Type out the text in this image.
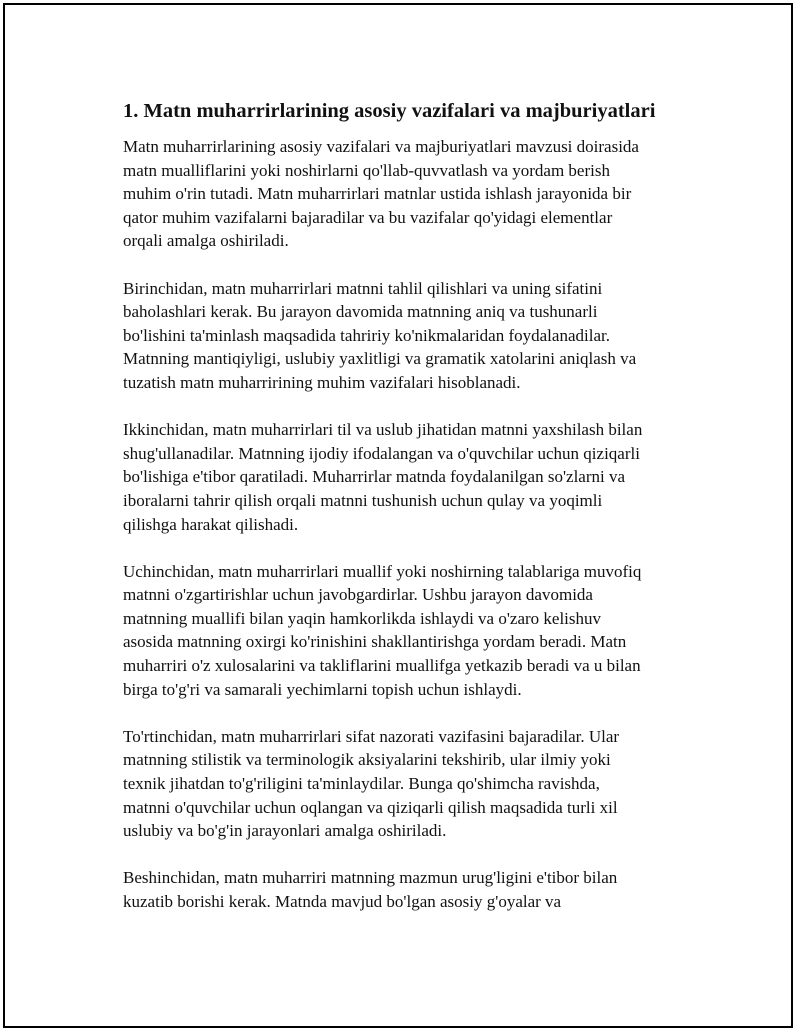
1. Matn muharrirlarining asosiy vazifalari va majburiyatlari

Matn muharrirlarining asosiy vazifalari va majburiyatlari mavzusi doirasida
matn mualliflarini yoki noshirlarni qo'llab-quvvatlash va yordam berish
muhim o'rin tutadi. Matn muharrirlari matnlar ustida ishlash jarayonida bir
qator muhim vazifalarni bajaradilar va bu vazifalar qo'yidagi elementlar
orqali amalga oshiriladi.

Birinchidan, matn muharrirlari matnni tahlil qilishlari va uning sifatini
baholashlari kerak. Bu jarayon davomida matnning aniq va tushunarli
bo'lishini ta'minlash maqsadida tahririy ko'nikmalaridan foydalanadilar.
Matnning mantiqiyligi, uslubiy yaxlitligi va gramatik xatolarini aniqlash va
tuzatish matn muharririning muhim vazifalari hisoblanadi.

Ikkinchidan, matn muharrirlari til va uslub jihatidan matnni yaxshilash bilan
shug'ullanadilar. Matnning ijodiy ifodalangan va o'quvchilar uchun qiziqarli
bo'lishiga e'tibor qaratiladi. Muharrirlar matnda foydalanilgan so'zlarni va
iboralarni tahrir qilish orqali matnni tushunish uchun qulay va yoqimli
qilishga harakat qilishadi.

Uchinchidan, matn muharrirlari muallif yoki noshirning talablariga muvofiq
matnni o'zgartirishlar uchun javobgardirlar. Ushbu jarayon davomida
matnning muallifi bilan yaqin hamkorlikda ishlaydi va o'zaro kelishuv
asosida matnning oxirgi ko'rinishini shakllantirishga yordam beradi. Matn
muharriri o'z xulosalarini va takliflarini muallifga yetkazib beradi va u bilan
birga to'g'ri va samarali yechimlarni topish uchun ishlaydi.

To'rtinchidan, matn muharrirlari sifat nazorati vazifasini bajaradilar. Ular
matnning stilistik va terminologik aksiyalarini tekshirib, ular ilmiy yoki
texnik jihatdan to'g'riligini ta'minlaydilar. Bunga qo'shimcha ravishda,
matnni o'quvchilar uchun oqlangan va qiziqarli qilish maqsadida turli xil
uslubiy va bo'g'in jarayonlari amalga oshiriladi.

Beshinchidan, matn muharriri matnning mazmun urug'ligini e'tibor bilan
kuzatib borishi kerak. Matnda mavjud bo'lgan asosiy g'oyalar va
